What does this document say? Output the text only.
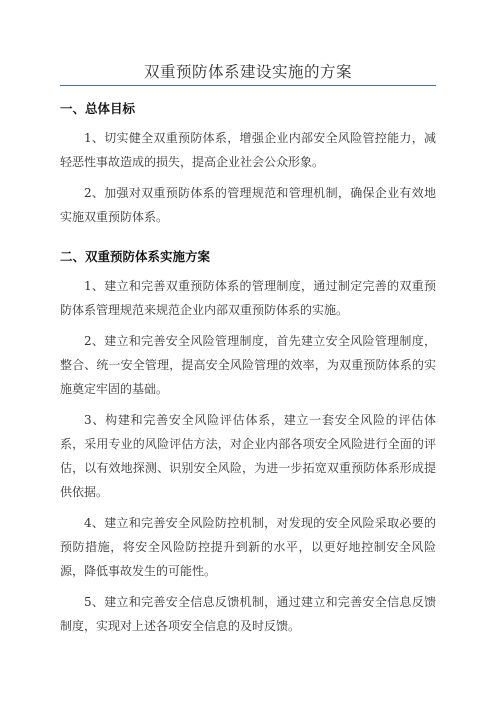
双重预防体系建设实施的方案
一、总体目标

1、切实健全双重预防体系，增强企业内部安全风险管控能力，减轻恶性事故造成的损失，提高企业社会公众形象。

2、加强对双重预防体系的管理规范和管理机制，确保企业有效地实施双重预防体系。

二、双重预防体系实施方案

1、建立和完善双重预防体系的管理制度，通过制定完善的双重预防体系管理规范来规范企业内部双重预防体系的实施。

2、建立和完善安全风险管理制度，首先建立安全风险管理制度，整合、统一安全管理，提高安全风险管理的效率，为双重预防体系的实施奠定牢固的基础。

3、构建和完善安全风险评估体系，建立一套安全风险的评估体系，采用专业的风险评估方法，对企业内部各项安全风险进行全面的评估，以有效地探测、识别安全风险，为进一步拓宽双重预防体系形成提供依据。

4、建立和完善安全风险防控机制，对发现的安全风险采取必要的预防措施，将安全风险防控提升到新的水平，以更好地控制安全风险源，降低事故发生的可能性。

5、建立和完善安全信息反馈机制，通过建立和完善安全信息反馈制度，实现对上述各项安全信息的及时反馈。
